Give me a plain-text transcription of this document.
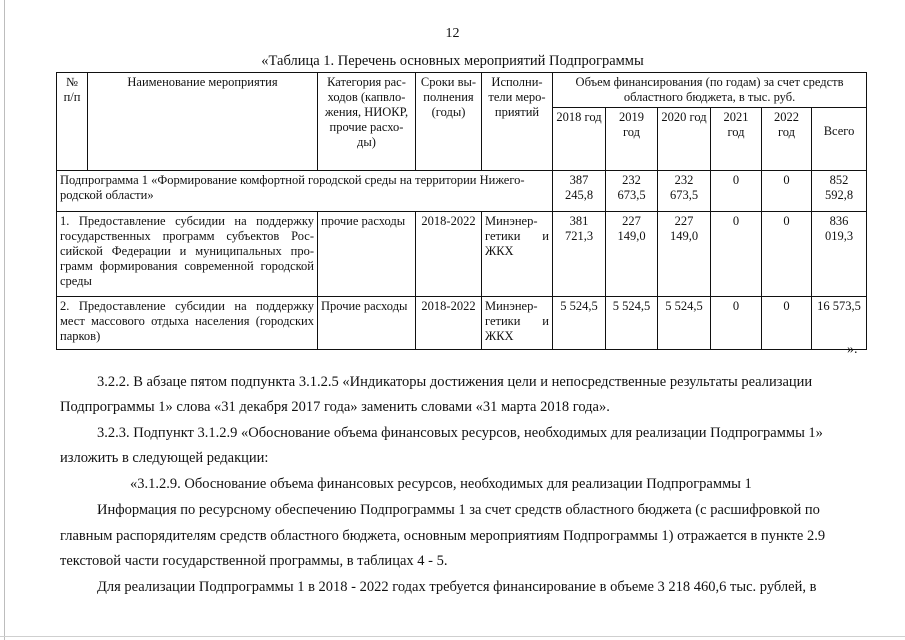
12
«Таблица 1. Перечень основных мероприятий Подпрограммы
№ п/п	Наименование мероприятия	Категория рас-ходов (капвло-жения, НИОКР, прочие расхо-ды)	Сроки вы-полнения (годы)	Исполни-тели меро-приятий	Объем финансирования (по годам) за счет средств областного бюджета, в тыс. руб.					
					2018 год	2019 год	2020 год	2021 год	2022 год	Всего
Подпрограмма 1 «Формирование комфортной городской среды на территории Нижего-родской области»					387 245,8	232 673,5	232 673,5	0	0	852 592,8
1. Предоставление субсидии на поддержку государственных программ субъектов Рос-сийской Федерации и муниципальных про-грамм формирования современной городской среды		прочие расходы	2018-2022	Минэнер-гетики и ЖКХ	381 721,3	227 149,0	227 149,0	0	0	836 019,3
2. Предоставление субсидии на поддержку мест массового отдыха населения (городских парков)		Прочие расходы	2018-2022	Минэнер-гетики и ЖКХ	5 524,5	5 524,5	5 524,5	0	0	16 573,5
».
3.2.2. В абзаце пятом подпункта 3.1.2.5 «Индикаторы достижения цели и непосредственные результаты реализации
Подпрограммы 1» слова «31 декабря 2017 года» заменить словами «31 марта 2018 года».
3.2.3. Подпункт 3.1.2.9 «Обоснование объема финансовых ресурсов, необходимых для реализации Подпрограммы 1»
изложить в следующей редакции:
«3.1.2.9. Обоснование объема финансовых ресурсов, необходимых для реализации Подпрограммы 1
Информация по ресурсному обеспечению Подпрограммы 1 за счет средств областного бюджета (с расшифровкой по
главным распорядителям средств областного бюджета, основным мероприятиям Подпрограммы 1) отражается в пункте 2.9
текстовой части государственной программы, в таблицах 4 - 5.
Для реализации Подпрограммы 1 в 2018 - 2022 годах требуется финансирование в объеме 3 218 460,6 тыс. рублей, в
